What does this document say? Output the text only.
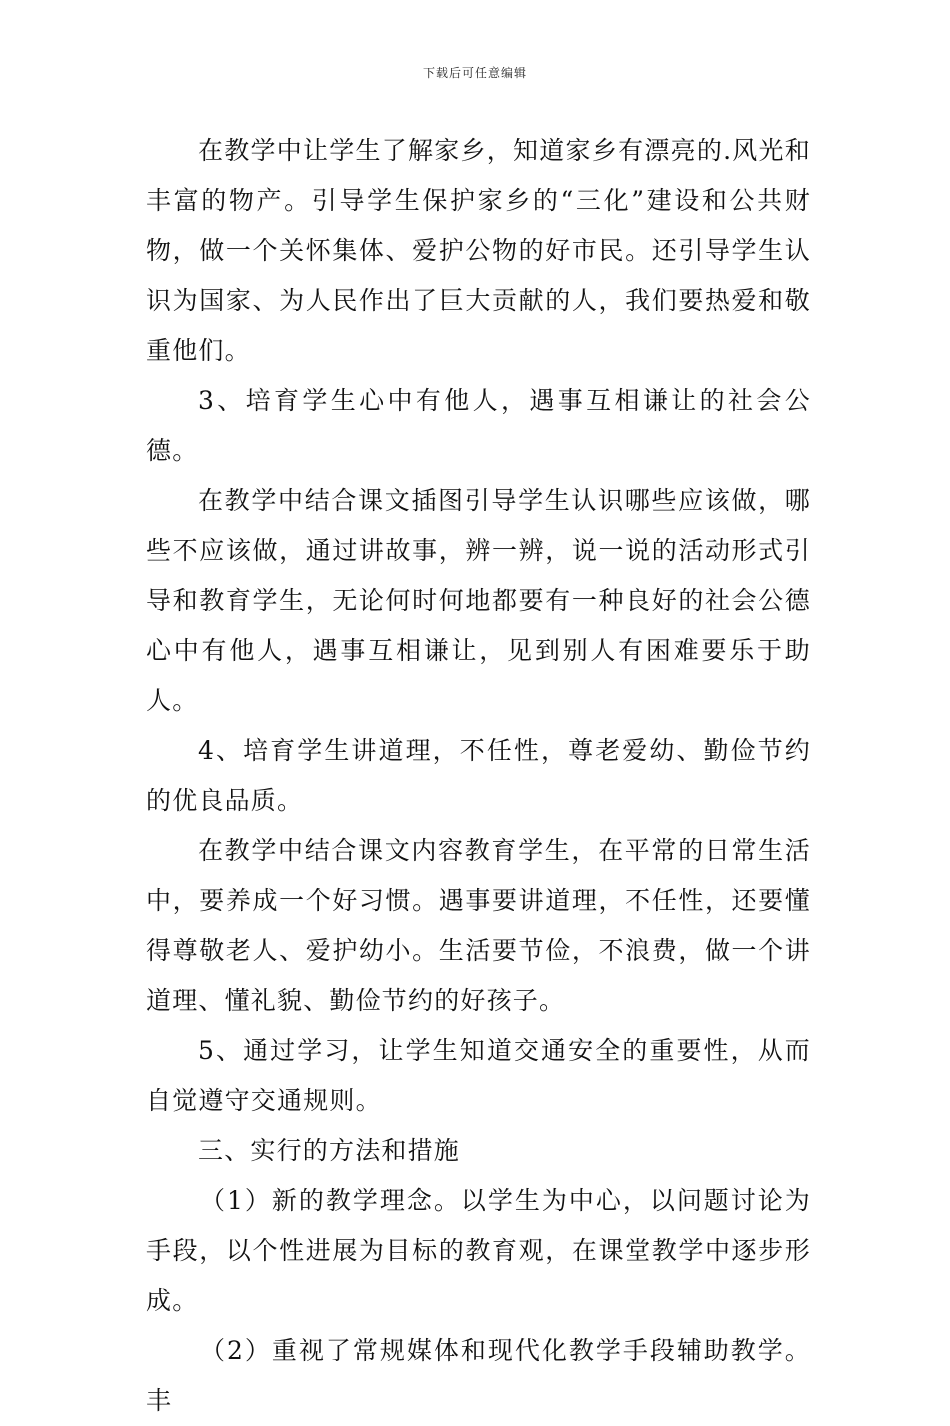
下载后可任意编辑

在教学中让学生了解家乡，知道家乡有漂亮的.风光和丰富的物产。引导学生保护家乡的“三化”建设和公共财物，做一个关怀集体、爱护公物的好市民。还引导学生认识为国家、为人民作出了巨大贡献的人，我们要热爱和敬重他们。

3、培育学生心中有他人，遇事互相谦让的社会公德。

在教学中结合课文插图引导学生认识哪些应该做，哪些不应该做，通过讲故事，辨一辨，说一说的活动形式引导和教育学生，无论何时何地都要有一种良好的社会公德心中有他人，遇事互相谦让，见到别人有困难要乐于助人。

4、培育学生讲道理，不任性，尊老爱幼、勤俭节约的优良品质。

在教学中结合课文内容教育学生，在平常的日常生活中，要养成一个好习惯。遇事要讲道理，不任性，还要懂得尊敬老人、爱护幼小。生活要节俭，不浪费，做一个讲道理、懂礼貌、勤俭节约的好孩子。

5、通过学习，让学生知道交通安全的重要性，从而自觉遵守交通规则。

三、实行的方法和措施

（1）新的教学理念。以学生为中心，以问题讨论为手段，以个性进展为目标的教育观，在课堂教学中逐步形成。

（2）重视了常规媒体和现代化教学手段辅助教学。丰
